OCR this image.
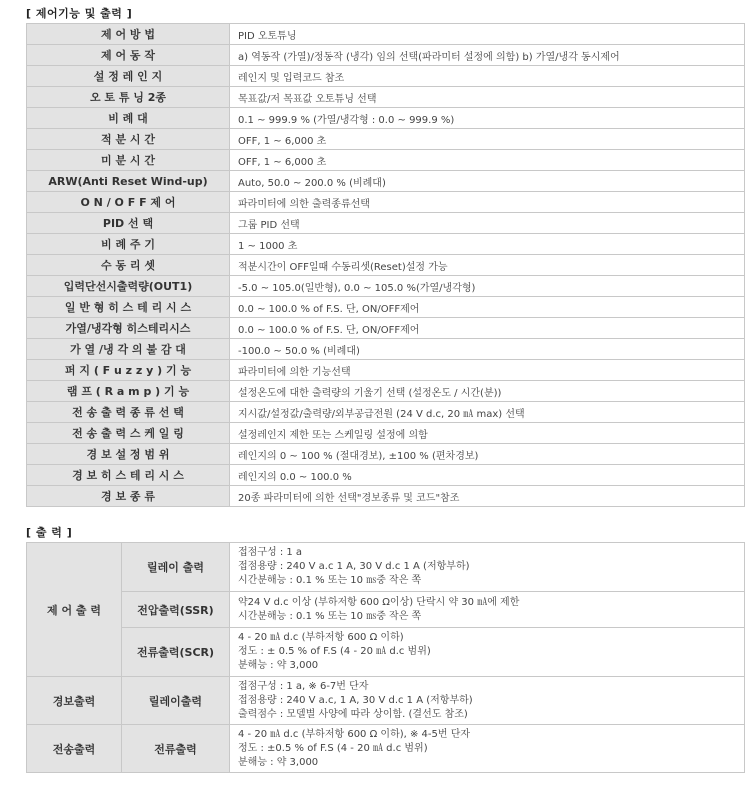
[ 제어기능 및 출력 ]
제 어 방 법	PID 오토튜닝
제 어 동 작	a) 역동작 (가열)/정동작 (냉각) 임의 선택(파라미터 설정에 의함) b) 가열/냉각 동시제어
설 정 레 인 지	레인지 및 입력코드 참조
오 토 튜 닝 2종	목표값/저 목표값 오토튜닝 선택
비 례 대	0.1 ~ 999.9 % (가열/냉각형 : 0.0 ~ 999.9 %)
적 분 시 간	OFF, 1 ~ 6,000 초
미 분 시 간	OFF, 1 ~ 6,000 초
ARW(Anti Reset Wind-up)	Auto, 50.0 ~ 200.0 % (비례대)
O N / O F F 제 어	파라미터에 의한 출력종류선택
PID 선 택	그룹 PID 선택
비 례 주 기	1 ~ 1000 초
수 동 리 셋	적분시간이 OFF일때 수동리셋(Reset)설정 가능
입력단선시출력량(OUT1)	-5.0 ~ 105.0(일반형), 0.0 ~ 105.0 %(가열/냉각형)
일 반 형 히 스 테 리 시 스	0.0 ~ 100.0 % of F.S. 단, ON/OFF제어
가열/냉각형 히스테리시스	0.0 ~ 100.0 % of F.S. 단, ON/OFF제어
가 열 /냉 각 의 불 감 대	-100.0 ~ 50.0 % (비례대)
퍼 지 ( F u z z y ) 기 능	파라미터에 의한 기능선택
램 프 ( R a m p ) 기 능	설정온도에 대한 출력량의 기울기 선택 (설정온도 / 시간(분))
전 송 출 력 종 류 선 택	지시값/설정값/출력량/외부공급전원 (24 V d.c, 20 ㎃ max) 선택
전 송 출 력 스 케 일 링	설정레인지 제한 또는 스케일링 설정에 의함
경 보 설 정 범 위	레인지의 0 ~ 100 % (절대경보), ±100 % (편차경보)
경 보 히 스 테 리 시 스	레인지의 0.0 ~ 100.0 %
경 보 종 류	20종 파라미터에 의한 선택"경보종류 및 코드"참조
[ 출 력 ]
제 어 출 력	릴레이 출력	접점구성 : 1 a
접점용량 : 240 V a.c 1 A, 30 V d.c 1 A (저항부하)
시간분해능 : 0.1 % 또는 10 ㎳중 작은 쪽

	전압출력(SSR)	약24 V d.c 이상 (부하저항 600 Ω이상) 단락시 약 30 ㎃에 제한
시간분해능 : 0.1 % 또는 10 ㎳중 작은 쪽

	전류출력(SCR)	4 - 20 ㎃ d.c (부하저항 600 Ω 이하)
정도 : ± 0.5 % of F.S (4 - 20 ㎃ d.c 범위)
분해능 : 약 3,000

경보출력	릴레이출력	접점구성 : 1 a, ※ 6-7번 단자
접점용량 : 240 V a.c, 1 A, 30 V d.c 1 A (저항부하)
출력점수 : 모델별 사양에 따라 상이함. (결선도 참조)

전송출력	전류출력	4 - 20 ㎃ d.c (부하저항 600 Ω 이하), ※ 4-5번 단자
정도 : ±0.5 % of F.S (4 - 20 ㎃ d.c 범위)
분해능 : 약 3,000
